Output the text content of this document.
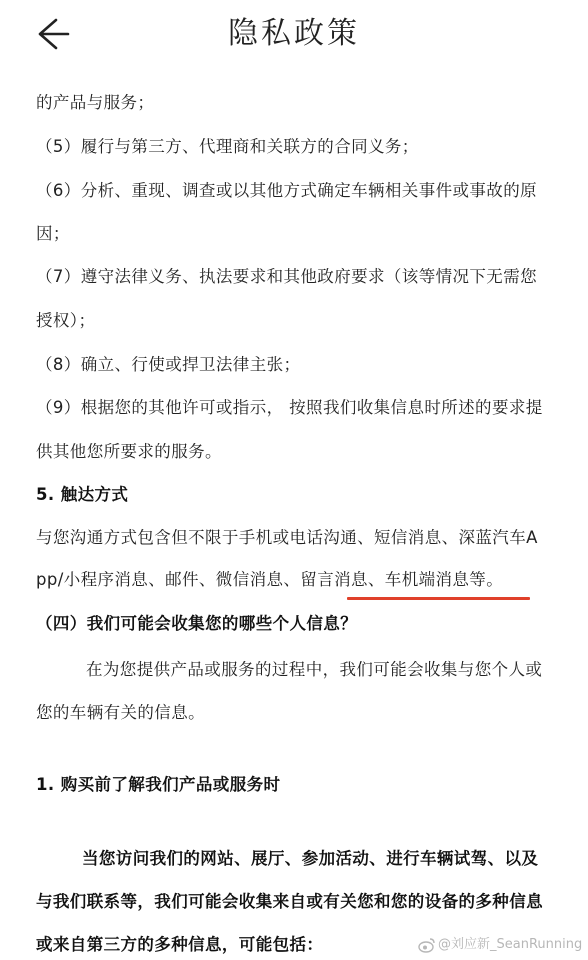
隐私政策
的产品与服务；
（5）履行与第三方、代理商和关联方的合同义务；
（6）分析、重现、调查或以其他方式确定车辆相关事件或事故的原
因；
（7）遵守法律义务、执法要求和其他政府要求（该等情况下无需您
授权）；
（8）确立、行使或捍卫法律主张；
（9）根据您的其他许可或指示， 按照我们收集信息时所述的要求提
供其他您所要求的服务。
5. 触达方式
与您沟通方式包含但不限于手机或电话沟通、短信消息、深蓝汽车A
pp/小程序消息、邮件、微信消息、留言消息、车机端消息等。
（四）我们可能会收集您的哪些个人信息？
在为您提供产品或服务的过程中，我们可能会收集与您个人或
您的车辆有关的信息。
1. 购买前了解我们产品或服务时
当您访问我们的网站、展厅、参加活动、进行车辆试驾、以及
与我们联系等，我们可能会收集来自或有关您和您的设备的多种信息
或来自第三方的多种信息，可能包括：	@刘应新_SeanRunning
